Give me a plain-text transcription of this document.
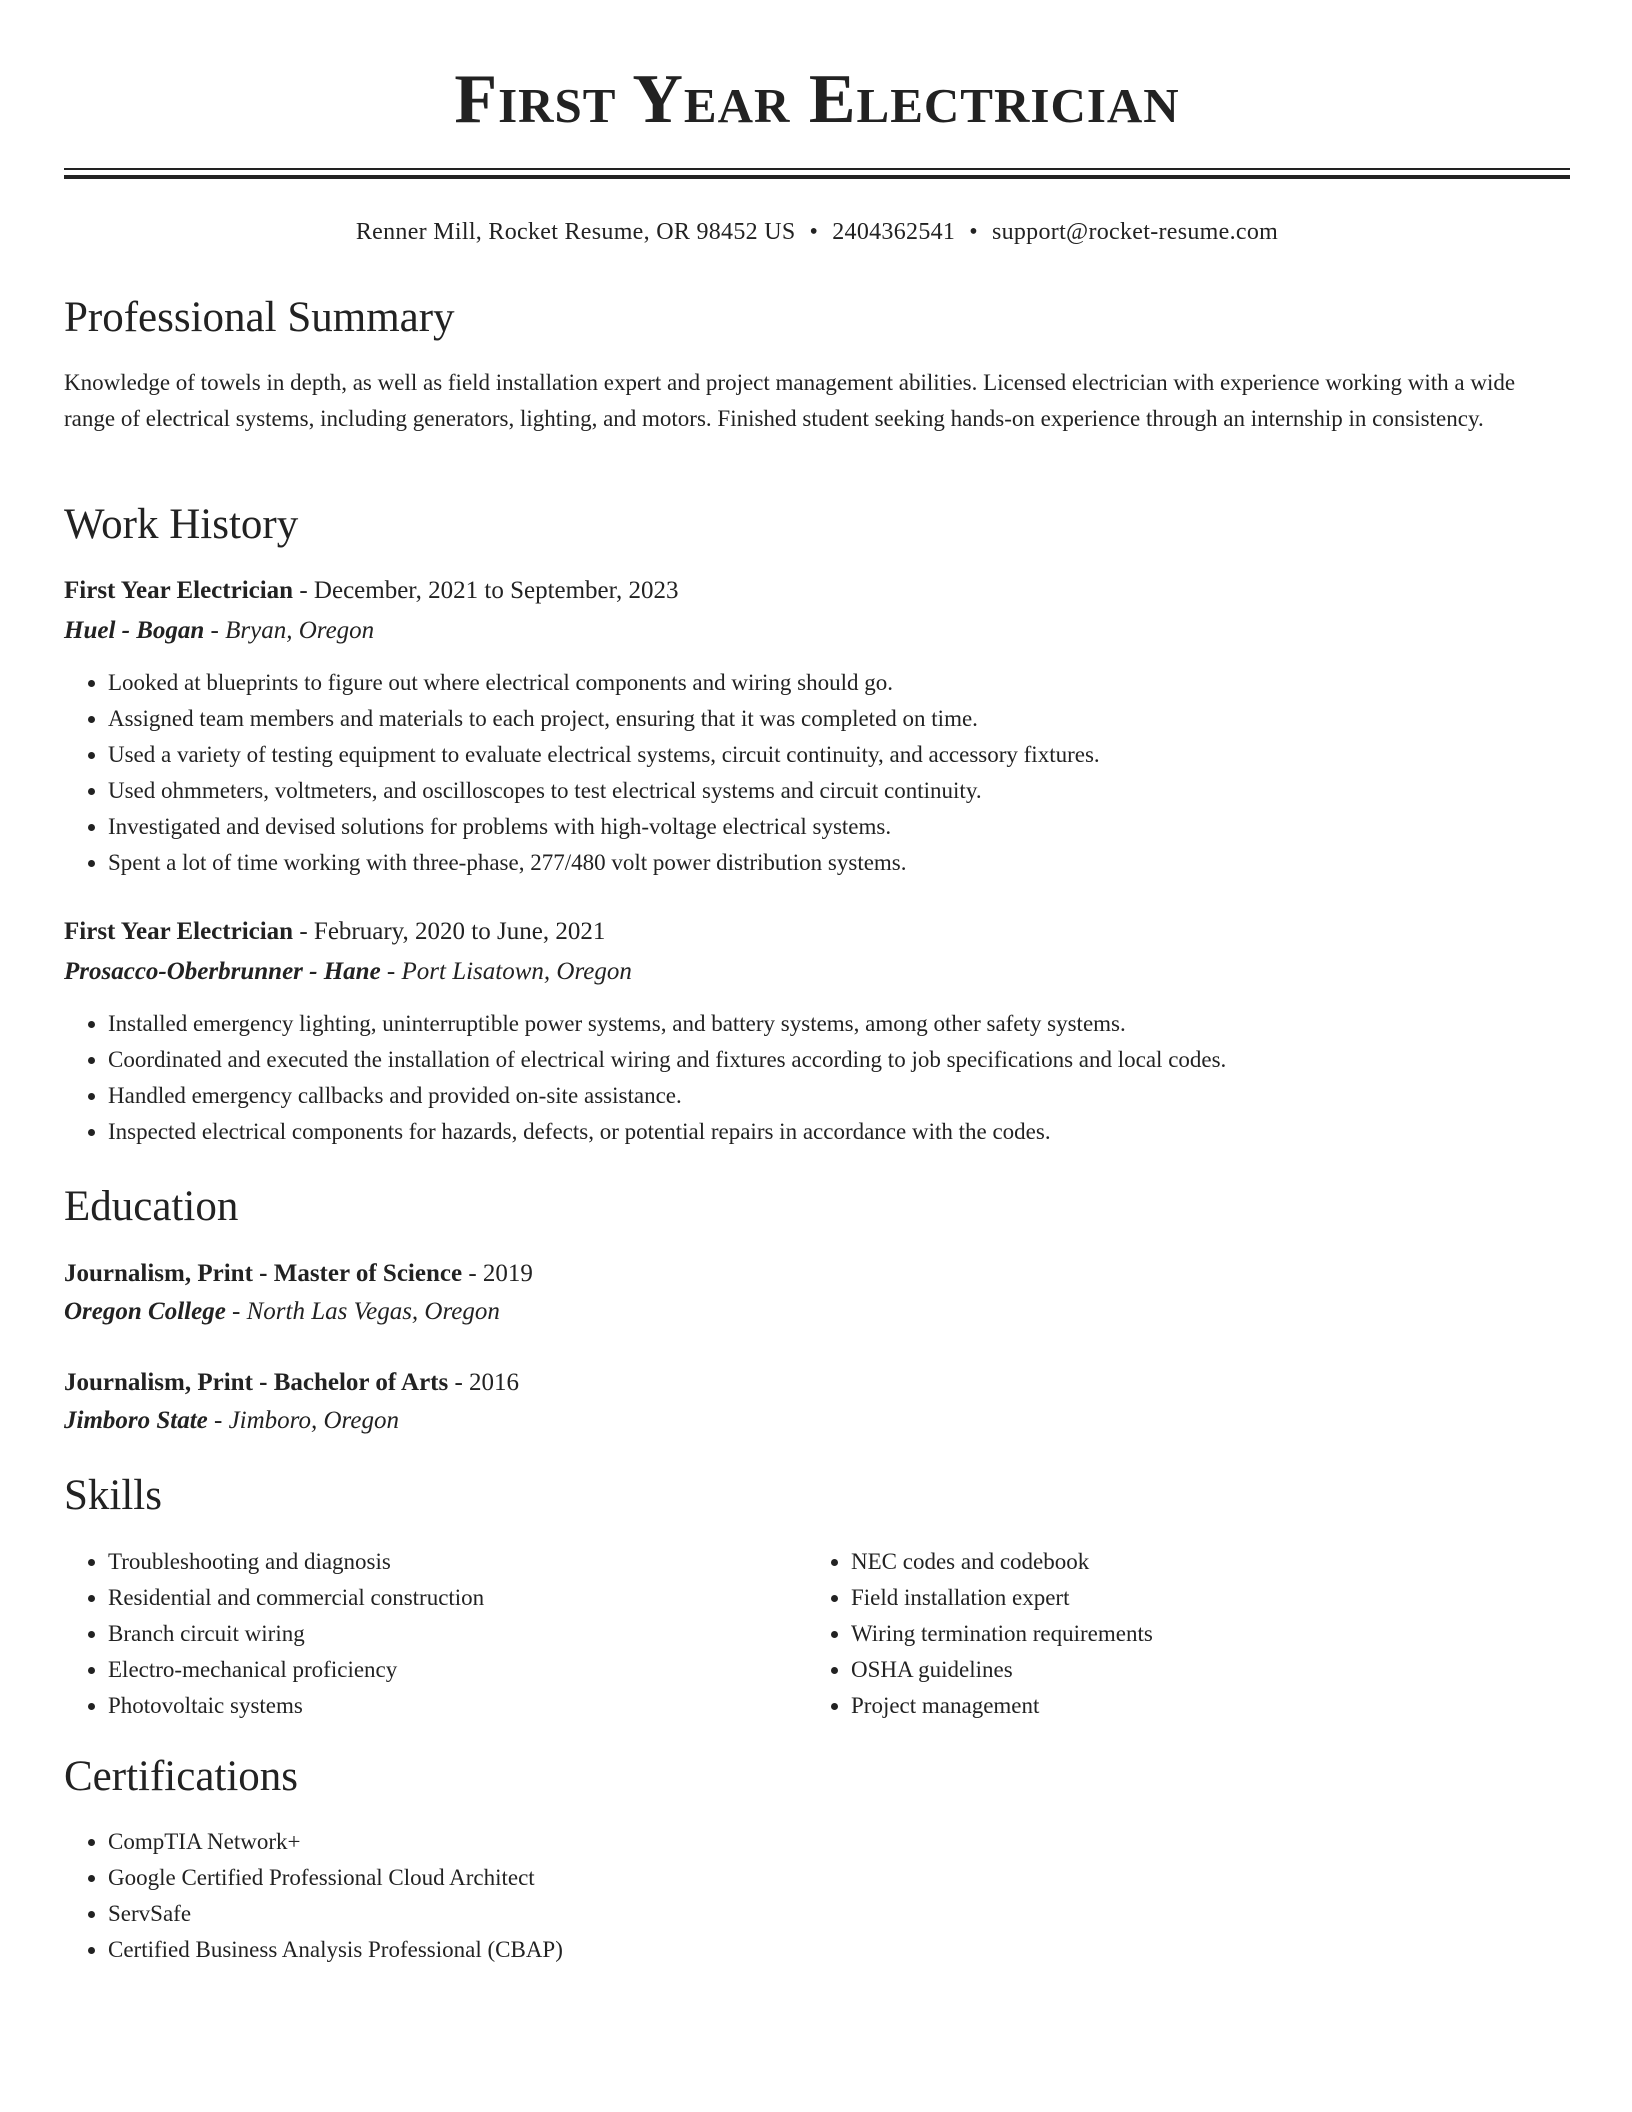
First Year Electrician
Renner Mill, Rocket Resume, OR 98452 US • 2404362541 • support@rocket-resume.com
Professional Summary

Knowledge of towels in depth, as well as field installation expert and project management abilities. Licensed electrician with experience working with a wide range of electrical systems, including generators, lighting, and motors. Finished student seeking hands-on experience through an internship in consistency.

Work History
First Year Electrician - December, 2021 to September, 2023
Huel - Bogan - Bryan, Oregon
• Looked at blueprints to figure out where electrical components and wiring should go.
• Assigned team members and materials to each project, ensuring that it was completed on time.
• Used a variety of testing equipment to evaluate electrical systems, circuit continuity, and accessory fixtures.
• Used ohmmeters, voltmeters, and oscilloscopes to test electrical systems and circuit continuity.
• Investigated and devised solutions for problems with high-voltage electrical systems.
• Spent a lot of time working with three-phase, 277/480 volt power distribution systems.
First Year Electrician - February, 2020 to June, 2021
Prosacco-Oberbrunner - Hane - Port Lisatown, Oregon
• Installed emergency lighting, uninterruptible power systems, and battery systems, among other safety systems.
• Coordinated and executed the installation of electrical wiring and fixtures according to job specifications and local codes.
• Handled emergency callbacks and provided on-site assistance.
• Inspected electrical components for hazards, defects, or potential repairs in accordance with the codes.
Education
Journalism, Print - Master of Science - 2019
Oregon College - North Las Vegas, Oregon
Journalism, Print - Bachelor of Arts - 2016
Jimboro State - Jimboro, Oregon
Skills
• Troubleshooting and diagnosis
• Residential and commercial construction
• Branch circuit wiring
• Electro-mechanical proficiency
• Photovoltaic systems
• NEC codes and codebook
• Field installation expert
• Wiring termination requirements
• OSHA guidelines
• Project management
Certifications
• CompTIA Network+
• Google Certified Professional Cloud Architect
• ServSafe
• Certified Business Analysis Professional (CBAP)
